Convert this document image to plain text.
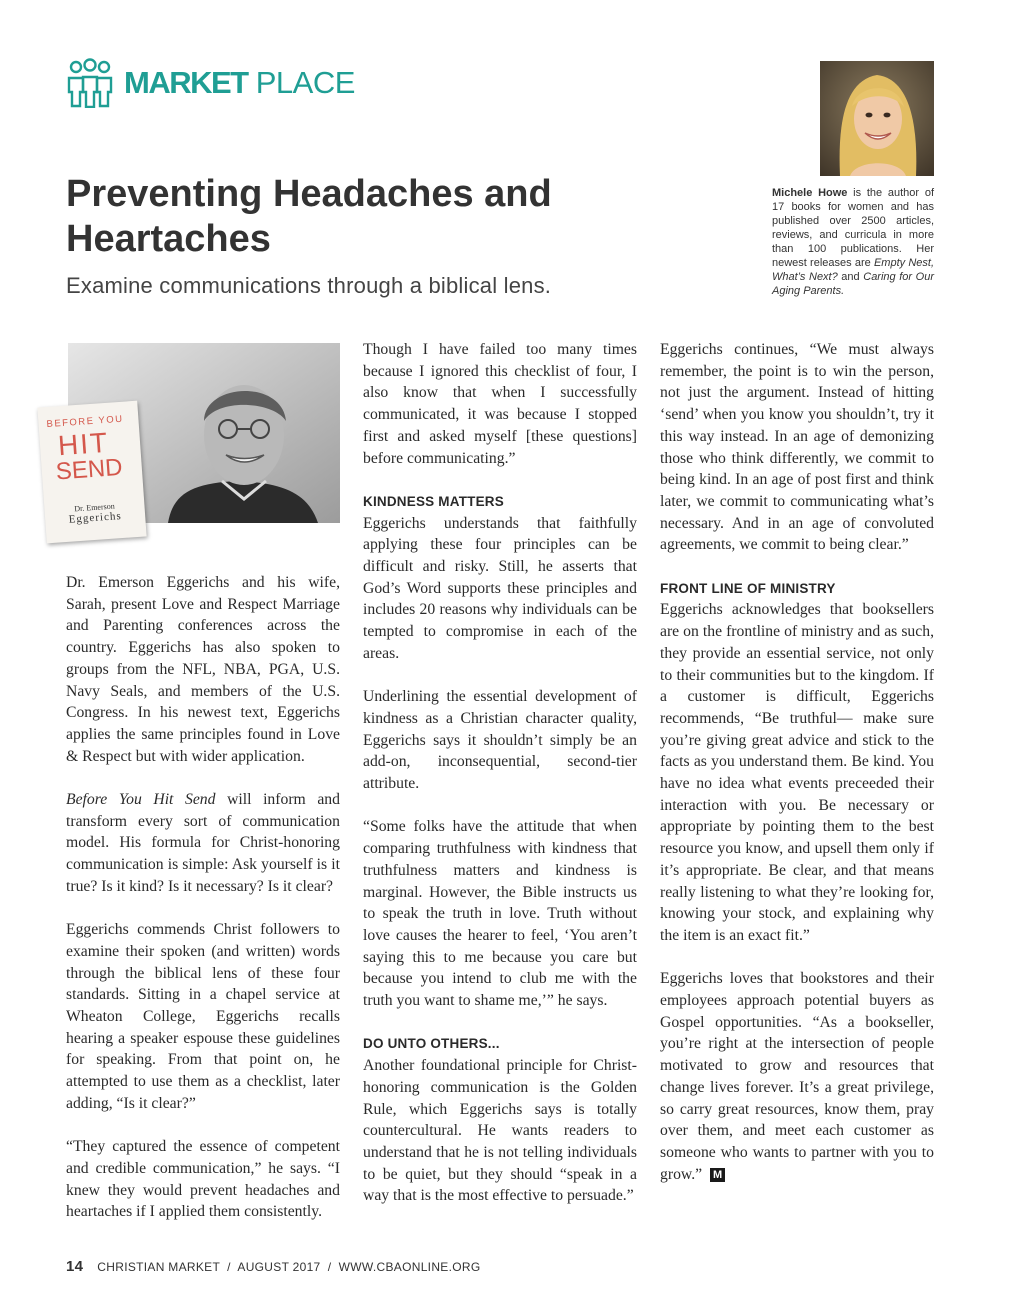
MARKET PLACE
Preventing Headaches and Heartaches

Examine communications through a biblical lens.

Michele Howe is the author of 17 books for women and has published over 2500 articles, reviews, and curricula in more than 100 publications. Her newest releases are Empty Nest, What’s Next? and Caring for Our Aging Parents.

BEFORE YOU
HIT
SEND
Dr. Emerson
Eggerichs

Dr. Emerson Eggerichs and his wife, Sarah, present Love and Respect Marriage and Parenting conferences across the country. Eggerichs has also spoken to groups from the NFL, NBA, PGA, U.S. Navy Seals, and members of the U.S. Congress. In his newest text, Eggerichs applies the same principles found in Love & Respect but with wider application.

Before You Hit Send will inform and transform every sort of communication model. His formula for Christ-honoring communication is simple: Ask yourself is it true? Is it kind? Is it necessary? Is it clear?

Eggerichs commends Christ followers to examine their spoken (and written) words through the biblical lens of these four standards. Sitting in a chapel service at Wheaton College, Eggerichs recalls hearing a speaker espouse these guidelines for speaking. From that point on, he attempted to use them as a checklist, later adding, “Is it clear?”

“They captured the essence of competent and credible communication,” he says. “I knew they would prevent headaches and heartaches if I applied them consistently.

Though I have failed too many times because I ignored this checklist of four, I also know that when I successfully communicated, it was because I stopped first and asked myself [these questions] before communicating.”

KINDNESS MATTERS

Eggerichs understands that faithfully applying these four principles can be difficult and risky. Still, he asserts that God’s Word supports these principles and includes 20 reasons why individuals can be tempted to compromise in each of the areas.

Underlining the essential development of kindness as a Christian character quality, Eggerichs says it shouldn’t simply be an add-on, inconsequential, second-tier attribute.

“Some folks have the attitude that when comparing truthfulness with kindness that truthfulness matters and kindness is marginal. However, the Bible instructs us to speak the truth in love. Truth without love causes the hearer to feel, ‘You aren’t saying this to me because you care but because you intend to club me with the truth you want to shame me,’” he says.

DO UNTO OTHERS...

Another foundational principle for Christ-honoring communication is the Golden Rule, which Eggerichs says is totally countercultural. He wants readers to understand that he is not telling individuals to be quiet, but they should “speak in a way that is the most effective to persuade.”

Eggerichs continues, “We must always remember, the point is to win the person, not just the argument. Instead of hitting ‘send’ when you know you shouldn’t, try it this way instead. In an age of demonizing those who think differently, we commit to being kind. In an age of post first and think later, we commit to communicating what’s necessary. And in an age of convoluted agreements, we commit to being clear.”

FRONT LINE OF MINISTRY

Eggerichs acknowledges that booksellers are on the frontline of ministry and as such, they provide an essential service, not only to their communities but to the kingdom. If a customer is difficult, Eggerichs recommends, “Be truthful— make sure you’re giving great advice and stick to the facts as you understand them. Be kind. You have no idea what events preceeded their interaction with you. Be necessary or appropriate by pointing them to the best resource you know, and upsell them only if it’s appropriate. Be clear, and that means really listening to what they’re looking for, knowing your stock, and explaining why the item is an exact fit.”

Eggerichs loves that bookstores and their employees approach potential buyers as Gospel opportunities. “As a bookseller, you’re right at the intersection of people motivated to grow and resources that change lives forever. It’s a great privilege, so carry great resources, know them, pray over them, and meet each customer as someone who wants to partner with you to grow.” M

14 CHRISTIAN MARKET  /  AUGUST 2017  /  WWW.CBAONLINE.ORG
